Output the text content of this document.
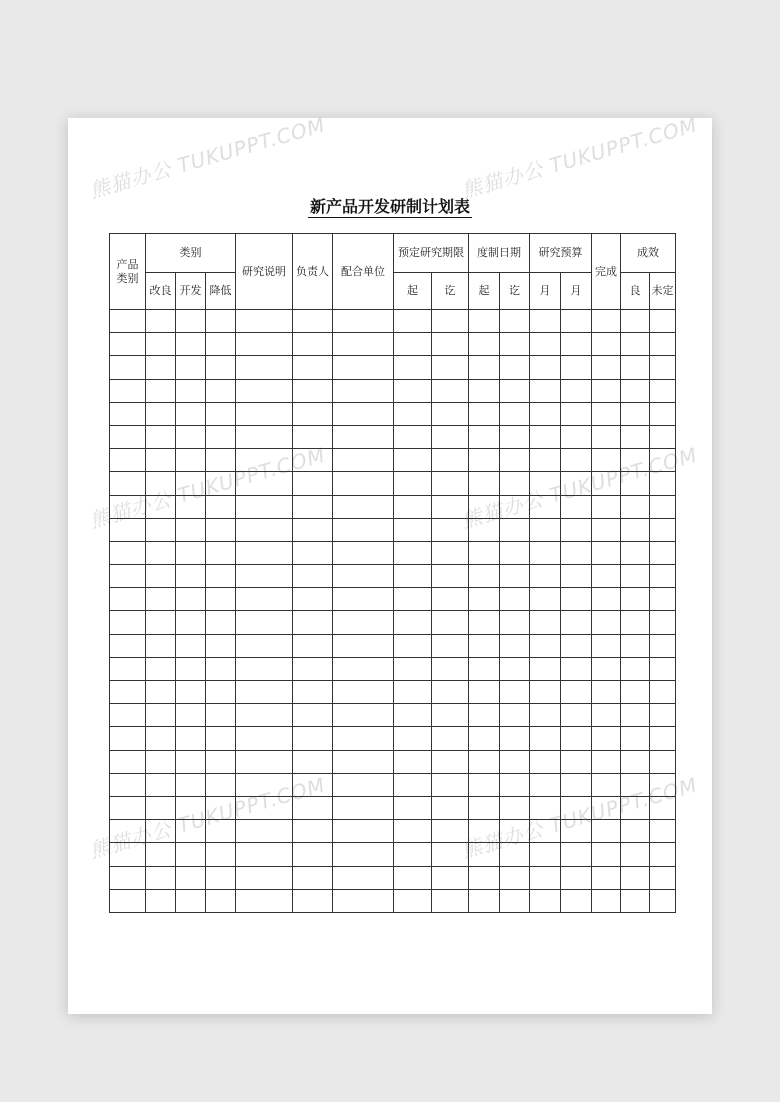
熊猫办公 TUKUPPT.COM	熊猫办公 TUKUPPT.COM
熊猫办公 TUKUPPT.COM	熊猫办公 TUKUPPT.COM
熊猫办公 TUKUPPT.COM	熊猫办公 TUKUPPT.COM
新产品开发研制计划表
产品类别	类别			研究说明	负责人	配合单位	预定研究期限		度制日期		研究预算		完成	成效	
	改良	开发	降低				起	讫	起	讫	月	月		良	未定
